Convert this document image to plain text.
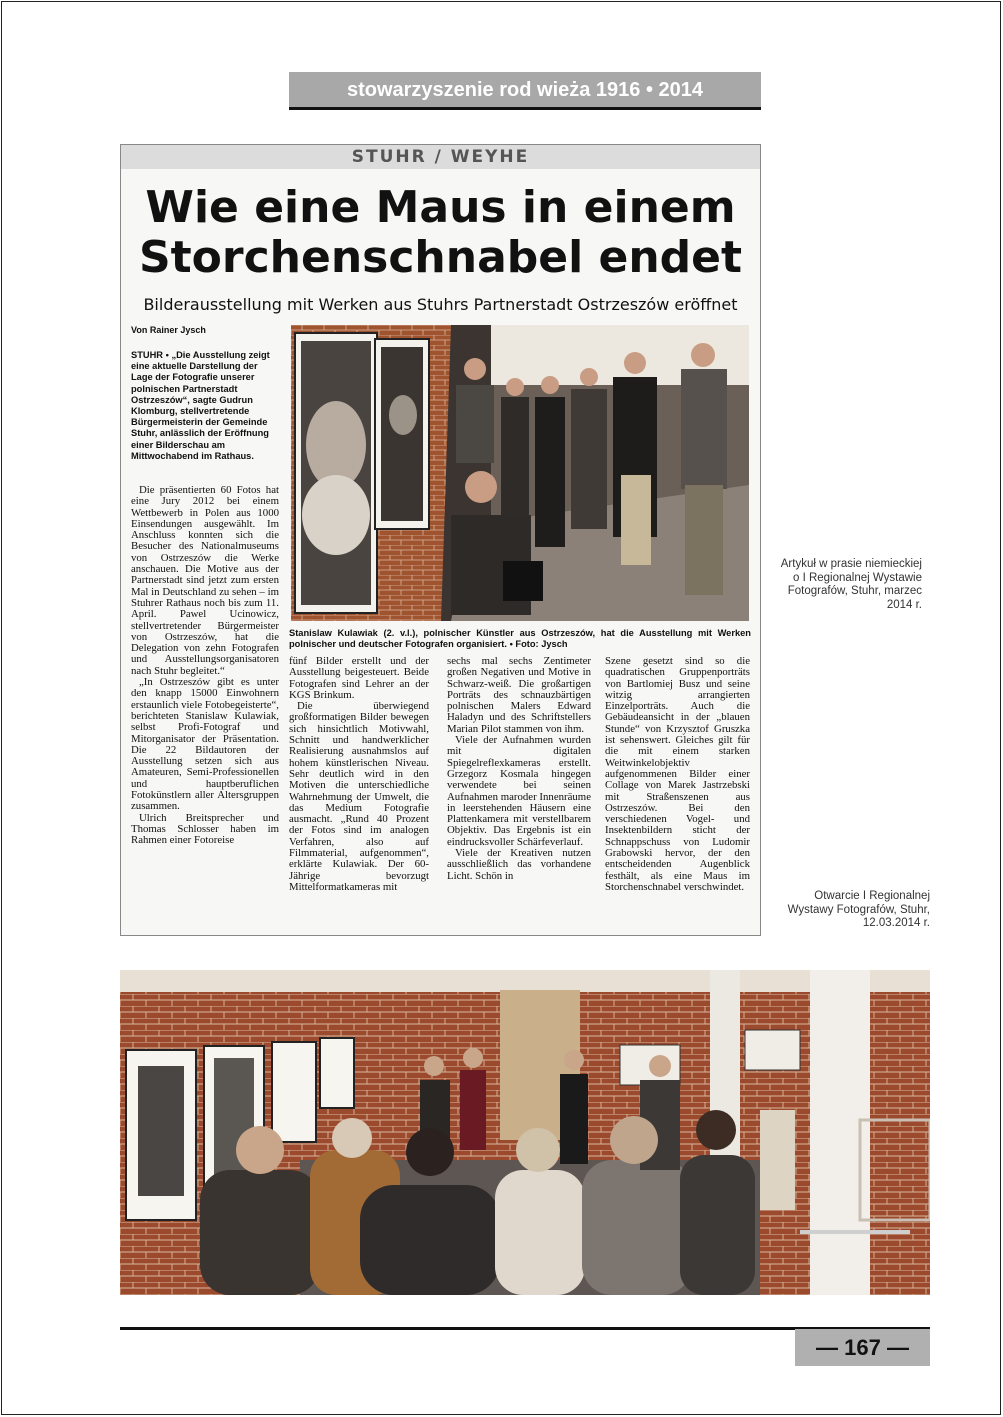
stowarzyszenie rod wieża 1916 • 2014
STUHR / WEYHE
Wie eine Maus in einem
Storchenschnabel endet
Bilderausstellung mit Werken aus Stuhrs Partnerstadt Ostrzeszów eröffnet
Von Rainer Jysch
STUHR • „Die Ausstellung zeigt eine aktuelle Darstellung der Lage der Fotografie unserer polnischen Partnerstadt Ostrzeszów“, sagte Gudrun Klomburg, stellvertretende Bürgermeisterin der Gemeinde Stuhr, anlässlich der Eröffnung einer Bilderschau am Mittwochabend im Rathaus.

Die präsentierten 60 Fotos hat eine Jury 2012 bei einem Wettbewerb in Polen aus 1000 Einsendungen ausgewählt. Im Anschluss konnten sich die Besucher des Nationalmuseums von Ostrzeszów die Werke anschauen. Die Motive aus der Partnerstadt sind jetzt zum ersten Mal in Deutschland zu sehen – im Stuhrer Rathaus noch bis zum 11. April. Pawel Ucinowicz, stellvertretender Bürgermeister von Ostrzeszów, hat die Delegation von zehn Fotografen und Ausstellungsorganisatoren nach Stuhr begleitet.“

„In Ostrzeszów gibt es unter den knapp 15000 Einwohnern erstaunlich viele Fotobegeisterte“, berichteten Stanislaw Kulawiak, selbst Profi-Fotograf und Mitorganisator der Präsentation. Die 22 Bildautoren der Ausstellung setzen sich aus Amateuren, Semi-Professionellen und hauptberuflichen Fotokünstlern aller Altersgruppen zusammen.

Ulrich Breitsprecher und Thomas Schlosser haben im Rahmen einer Fotoreise

Stanislaw Kulawiak (2. v.l.), polnischer Künstler aus Ostrzeszów, hat die Ausstellung mit Werken polnischer und deutscher Fotografen organisiert. • Foto: Jysch

fünf Bilder erstellt und der Ausstellung beigesteuert. Beide Fotografen sind Lehrer an der KGS Brinkum.

Die überwiegend großformatigen Bilder bewegen sich hinsichtlich Motivwahl, Schnitt und handwerklicher Realisierung ausnahmslos auf hohem künstlerischen Niveau. Sehr deutlich wird in den Motiven die unterschiedliche Wahrnehmung der Umwelt, die das Medium Fotografie ausmacht. „Rund 40 Prozent der Fotos sind im analogen Verfahren, also auf Filmmaterial, aufgenommen“, erklärte Kulawiak. Der 60-Jährige bevorzugt Mittelformatkameras mit

sechs mal sechs Zentimeter großen Negativen und Motive in Schwarz-weiß. Die großartigen Porträts des schnauzbärtigen polnischen Malers Edward Haladyn und des Schriftstellers Marian Pilot stammen von ihm.

Viele der Aufnahmen wurden mit digitalen Spiegelreflexkameras erstellt. Grzegorz Kosmala hingegen verwendete bei seinen Aufnahmen maroder Innenräume in leerstehenden Häusern eine Plattenkamera mit verstellbarem Objektiv. Das Ergebnis ist ein eindrucksvoller Schärfeverlauf.

Viele der Kreativen nutzen ausschließlich das vorhandene Licht. Schön in

Szene gesetzt sind so die quadratischen Gruppenporträts von Bartlomiej Busz und seine witzig arrangierten Einzelporträts. Auch die Gebäudeansicht in der „blauen Stunde“ von Krzysztof Gruszka ist sehenswert. Gleiches gilt für die mit einem starken Weitwinkelobjektiv aufgenommenen Bilder einer Collage von Marek Jastrzebski mit Straßenszenen aus Ostrzeszów. Bei den verschiedenen Vogel- und Insektenbildern sticht der Schnappschuss von Ludomir Grabowski hervor, der den entscheidenden Augenblick festhält, als eine Maus im Storchenschnabel verschwindet.

Artykuł w prasie niemieckiej o I Regionalnej Wystawie Fotografów, Stuhr, marzec 2014 r.
Otwarcie I Regionalnej Wystawy Fotografów, Stuhr, 12.03.2014 r.
— 167 —
